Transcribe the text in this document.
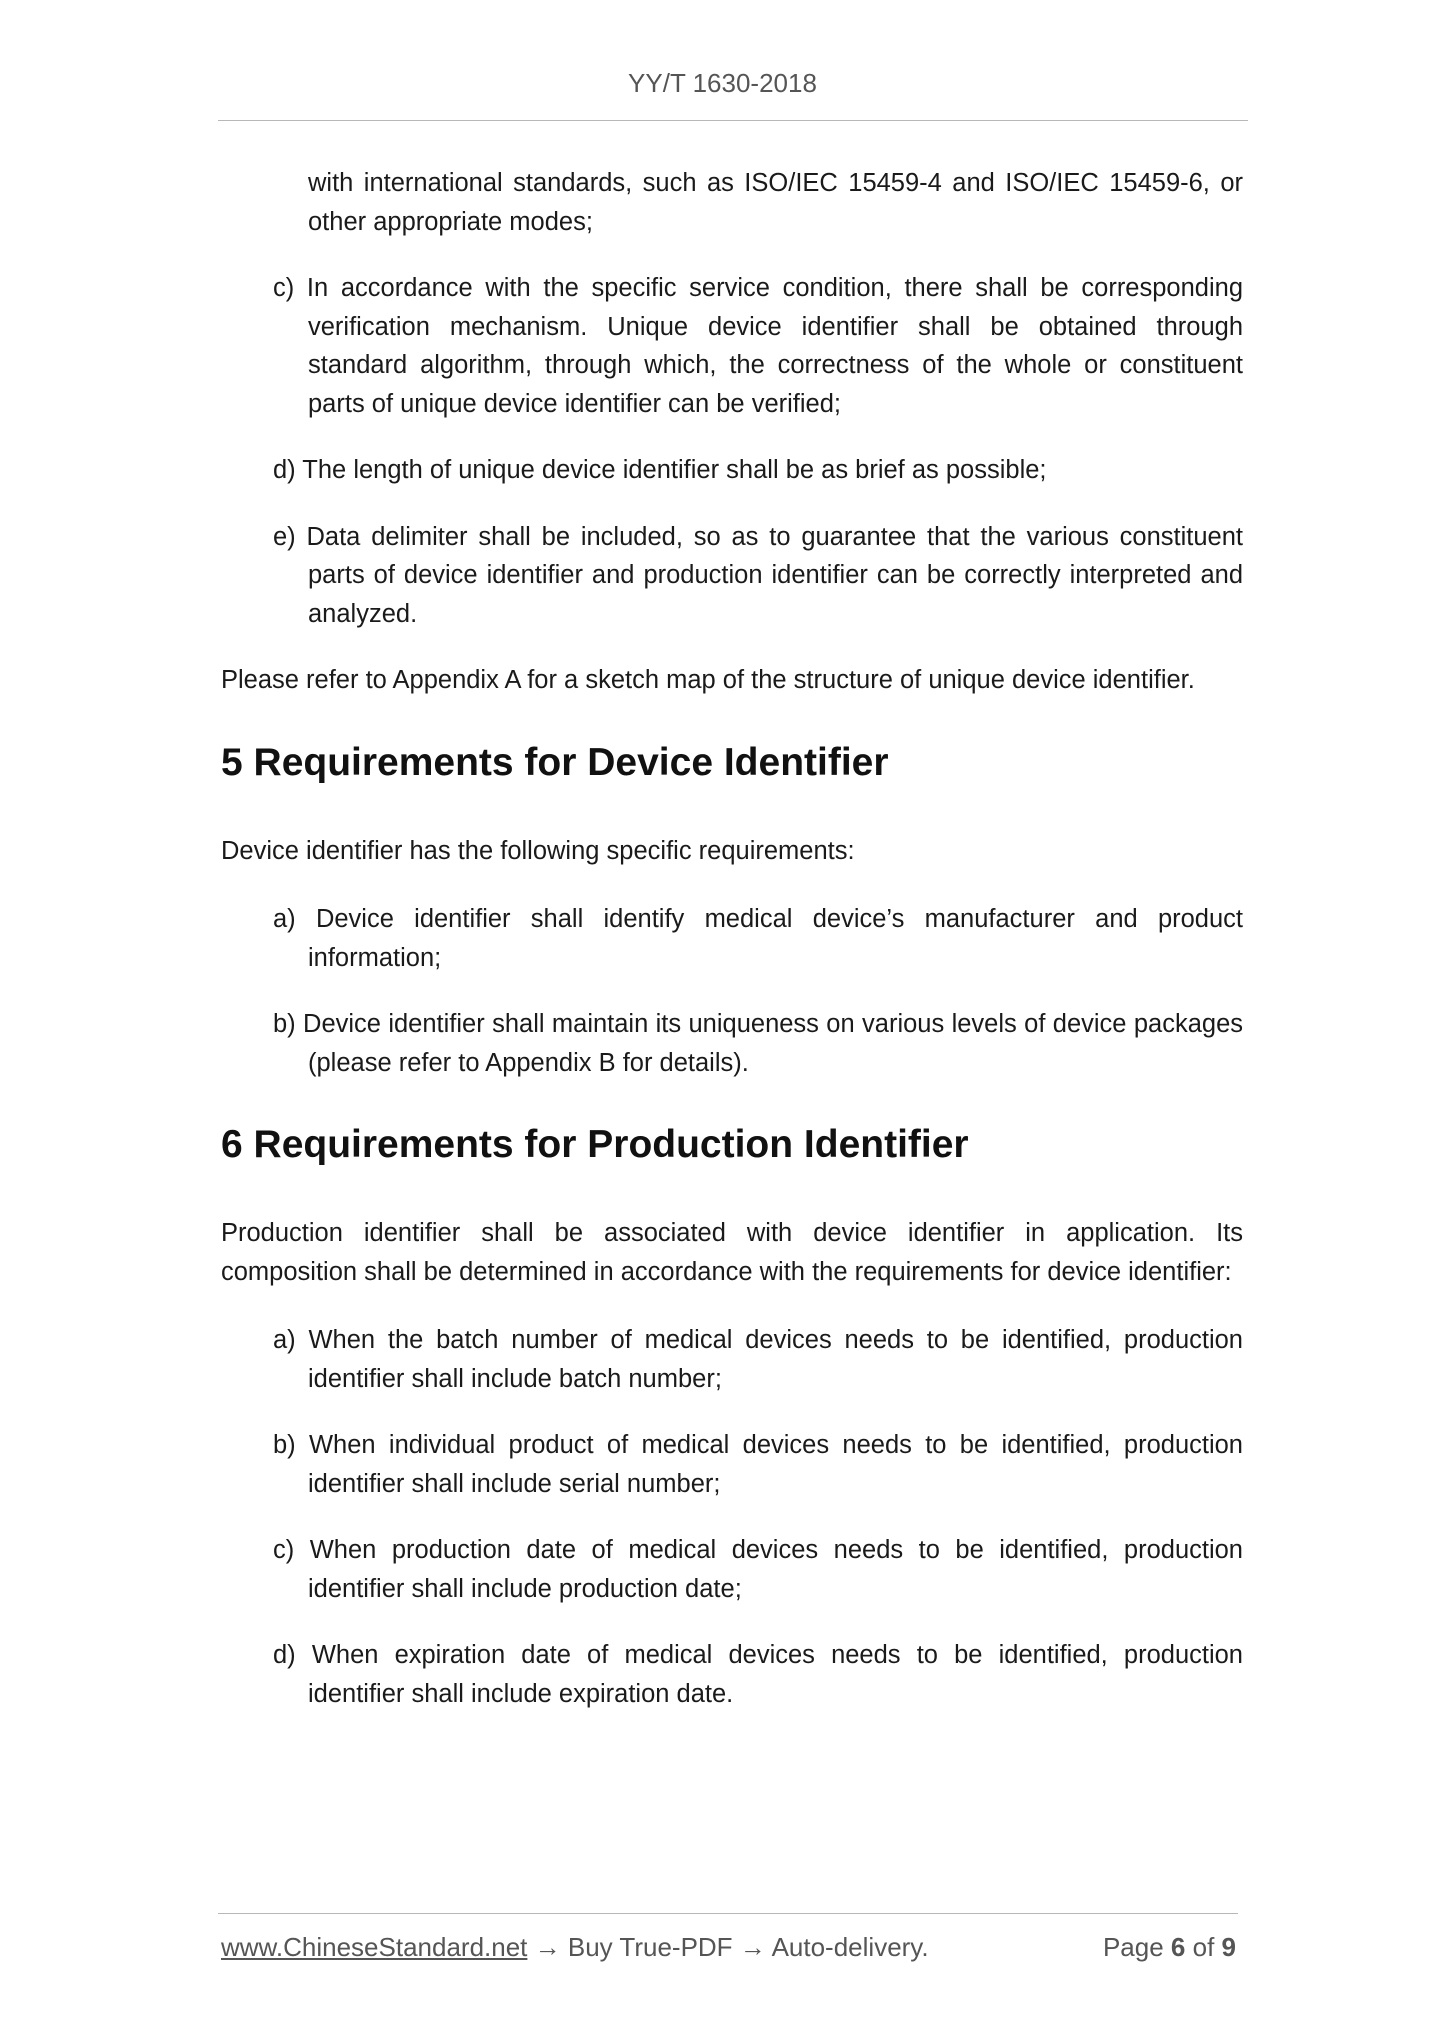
YY/T 1630-2018
with international standards, such as ISO/IEC 15459-4 and ISO/IEC 15459-6, or other appropriate modes;
c) In accordance with the specific service condition, there shall be corresponding verification mechanism. Unique device identifier shall be obtained through standard algorithm, through which, the correctness of the whole or constituent parts of unique device identifier can be verified;
d) The length of unique device identifier shall be as brief as possible;
e) Data delimiter shall be included, so as to guarantee that the various constituent parts of device identifier and production identifier can be correctly interpreted and analyzed.

Please refer to Appendix A for a sketch map of the structure of unique device identifier.

5 Requirements for Device Identifier

Device identifier has the following specific requirements:

a) Device identifier shall identify medical device’s manufacturer and product information;
b) Device identifier shall maintain its uniqueness on various levels of device packages (please refer to Appendix B for details).
6 Requirements for Production Identifier

Production identifier shall be associated with device identifier in application. Its composition shall be determined in accordance with the requirements for device identifier:

a) When the batch number of medical devices needs to be identified, production identifier shall include batch number;
b) When individual product of medical devices needs to be identified, production identifier shall include serial number;
c) When production date of medical devices needs to be identified, production identifier shall include production date;
d) When expiration date of medical devices needs to be identified, production identifier shall include expiration date.
www.ChineseStandard.net → Buy True-PDF → Auto-delivery.	Page 6 of 9
